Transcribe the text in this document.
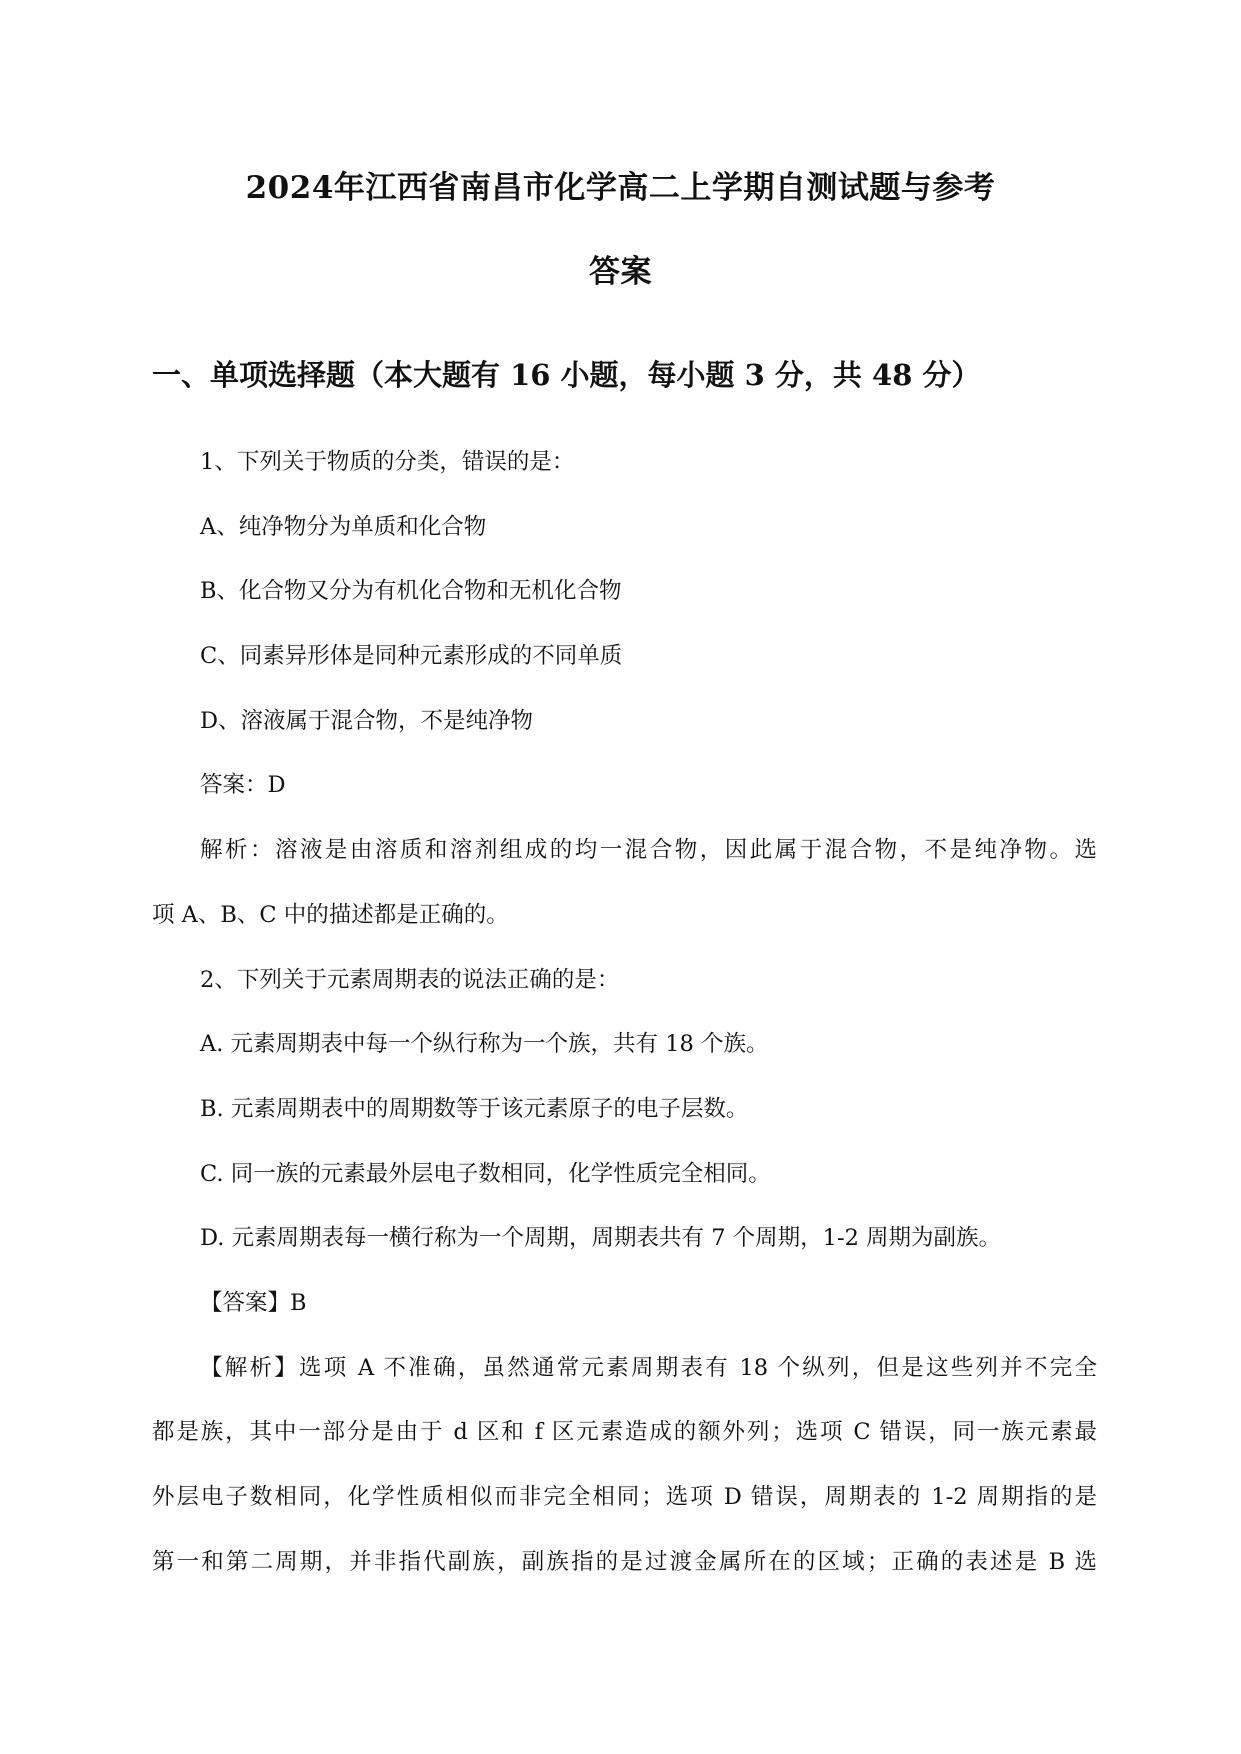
2024年江西省南昌市化学高二上学期自测试题与参考
答案
一、单项选择题（本大题有 16 小题，每小题 3 分，共 48 分）
1、下列关于物质的分类，错误的是：
A、纯净物分为单质和化合物
B、化合物又分为有机化合物和无机化合物
C、同素异形体是同种元素形成的不同单质
D、溶液属于混合物，不是纯净物
答案：D
解析：溶液是由溶质和溶剂组成的均一混合物，因此属于混合物，不是纯净物。选
项 A、B、C 中的描述都是正确的。
2、下列关于元素周期表的说法正确的是：
A. 元素周期表中每一个纵行称为一个族，共有 18 个族。
B. 元素周期表中的周期数等于该元素原子的电子层数。
C. 同一族的元素最外层电子数相同，化学性质完全相同。
D. 元素周期表每一横行称为一个周期，周期表共有 7 个周期，1-2 周期为副族。
【答案】B
【解析】选项 A 不准确，虽然通常元素周期表有 18 个纵列，但是这些列并不完全
都是族，其中一部分是由于 d 区和 f 区元素造成的额外列；选项 C 错误，同一族元素最
外层电子数相同，化学性质相似而非完全相同；选项 D 错误，周期表的 1-2 周期指的是
第一和第二周期，并非指代副族，副族指的是过渡金属所在的区域；正确的表述是 B 选
